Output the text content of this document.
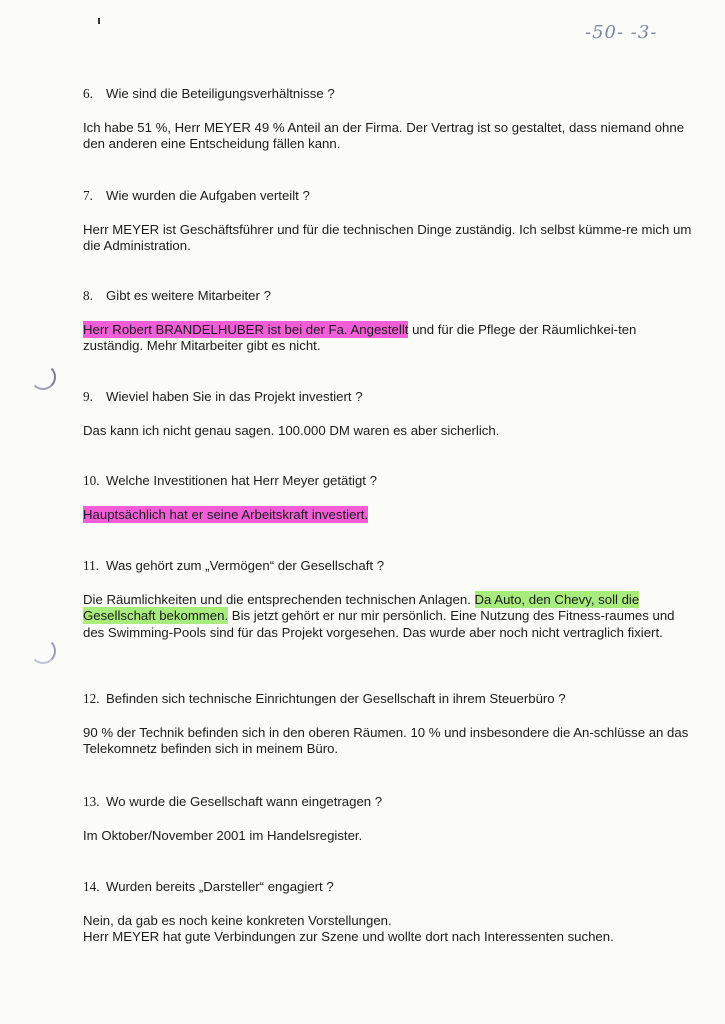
-50- -3-

6. Wie sind die Beteiligungsverhältnisse ?

Ich habe 51 %, Herr MEYER 49 % Anteil an der Firma. Der Vertrag ist so gestaltet, dass niemand ohne den anderen eine Entscheidung fällen kann.

7. Wie wurden die Aufgaben verteilt ?

Herr MEYER ist Geschäftsführer und für die technischen Dinge zuständig. Ich selbst kümme-re mich um die Administration.

8. Gibt es weitere Mitarbeiter ?

Herr Robert BRANDELHUBER ist bei der Fa. Angestellt und für die Pflege der Räumlichkei-ten zuständig. Mehr Mitarbeiter gibt es nicht.

9. Wieviel haben Sie in das Projekt investiert ?

Das kann ich nicht genau sagen. 100.000 DM waren es aber sicherlich.

10. Welche Investitionen hat Herr Meyer getätigt ?

Hauptsächlich hat er seine Arbeitskraft investiert.

11. Was gehört zum „Vermögen“ der Gesellschaft ?

Die Räumlichkeiten und die entsprechenden technischen Anlagen. Da Auto, den Chevy, soll die Gesellschaft bekommen. Bis jetzt gehört er nur mir persönlich. Eine Nutzung des Fitness-raumes und des Swimming-Pools sind für das Projekt vorgesehen. Das wurde aber noch nicht vertraglich fixiert.

12. Befinden sich technische Einrichtungen der Gesellschaft in ihrem Steuerbüro ?

90 % der Technik befinden sich in den oberen Räumen. 10 % und insbesondere die An-schlüsse an das Telekomnetz befinden sich in meinem Büro.

13. Wo wurde die Gesellschaft wann eingetragen ?

Im Oktober/November 2001 im Handelsregister.

14. Wurden bereits „Darsteller“ engagiert ?

Nein, da gab es noch keine konkreten Vorstellungen.

Herr MEYER hat gute Verbindungen zur Szene und wollte dort nach Interessenten suchen.
